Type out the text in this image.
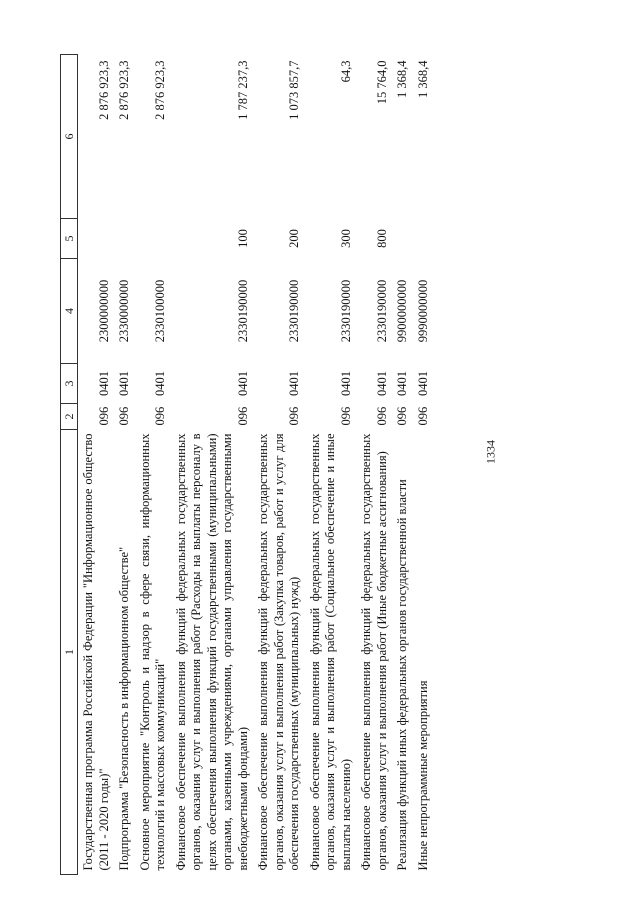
1334
1	2	3	4	5	6
Государственная программа Российской Федерации "Информационное общество (2011 - 2020 годы)"	096	0401	2300000000		2 876 923,3
Подпрограмма "Безопасность в информационном обществе"	096	0401	2330000000		2 876 923,3
Основное мероприятие "Контроль и надзор в сфере связи, информационных технологий и массовых коммуникаций"	096	0401	2330100000		2 876 923,3
Финансовое обеспечение выполнения функций федеральных государственных органов, оказания услуг и выполнения работ (Расходы на выплаты персоналу в целях обеспечения выполнения функций государственными (муниципальными) органами, казенными учреждениями, органами управления государственными внебюджетными фондами)	096	0401	2330190000	100	1 787 237,3
Финансовое обеспечение выполнения функций федеральных государственных органов, оказания услуг и выполнения работ (Закупка товаров, работ и услуг для обеспечения государственных (муниципальных) нужд)	096	0401	2330190000	200	1 073 857,7
Финансовое обеспечение выполнения функций федеральных государственных органов, оказания услуг и выполнения работ (Социальное обеспечение и иные выплаты населению)	096	0401	2330190000	300	64,3
Финансовое обеспечение выполнения функций федеральных государственных органов, оказания услуг и выполнения работ (Иные бюджетные ассигнования)	096	0401	2330190000	800	15 764,0
Реализация функций иных федеральных органов государственной власти	096	0401	9900000000		1 368,4
Иные непрограммные мероприятия	096	0401	9990000000		1 368,4
